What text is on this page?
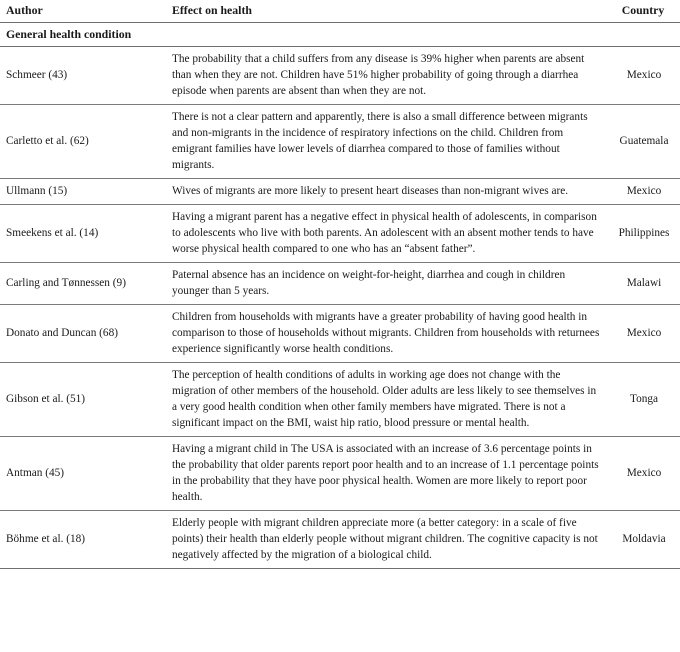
Author	Effect on health	Country
General health condition		
Schmeer (43)	The probability that a child suffers from any disease is 39% higher when parents are absent than when they are not. Children have 51% higher probability of going through a diarrhea episode when parents are absent than when they are not.	Mexico
Carletto et al. (62)	There is not a clear pattern and apparently, there is also a small difference between migrants and non-migrants in the incidence of respiratory infections on the child. Children from emigrant families have lower levels of diarrhea compared to those of families without migrants.	Guatemala
Ullmann (15)	Wives of migrants are more likely to present heart diseases than non-migrant wives are.	Mexico
Smeekens et al. (14)	Having a migrant parent has a negative effect in physical health of adolescents, in comparison to adolescents who live with both parents. An adolescent with an absent mother tends to have worse physical health compared to one who has an “absent father”.	Philippines
Carling and Tønnessen (9)	Paternal absence has an incidence on weight-for-height, diarrhea and cough in children younger than 5 years.	Malawi
Donato and Duncan (68)	Children from households with migrants have a greater probability of having good health in comparison to those of households without migrants. Children from households with returnees experience significantly worse health conditions.	Mexico
Gibson et al. (51)	The perception of health conditions of adults in working age does not change with the migration of other members of the household. Older adults are less likely to see themselves in a very good health condition when other family members have migrated. There is not a significant impact on the BMI, waist hip ratio, blood pressure or mental health.	Tonga
Antman (45)	Having a migrant child in The USA is associated with an increase of 3.6 percentage points in the probability that older parents report poor health and to an increase of 1.1 percentage points in the probability that they have poor physical health. Women are more likely to report poor health.	Mexico
Böhme et al. (18)	Elderly people with migrant children appreciate more (a better category: in a scale of five points) their health than elderly people without migrant children. The cognitive capacity is not negatively affected by the migration of a biological child.	Moldavia
